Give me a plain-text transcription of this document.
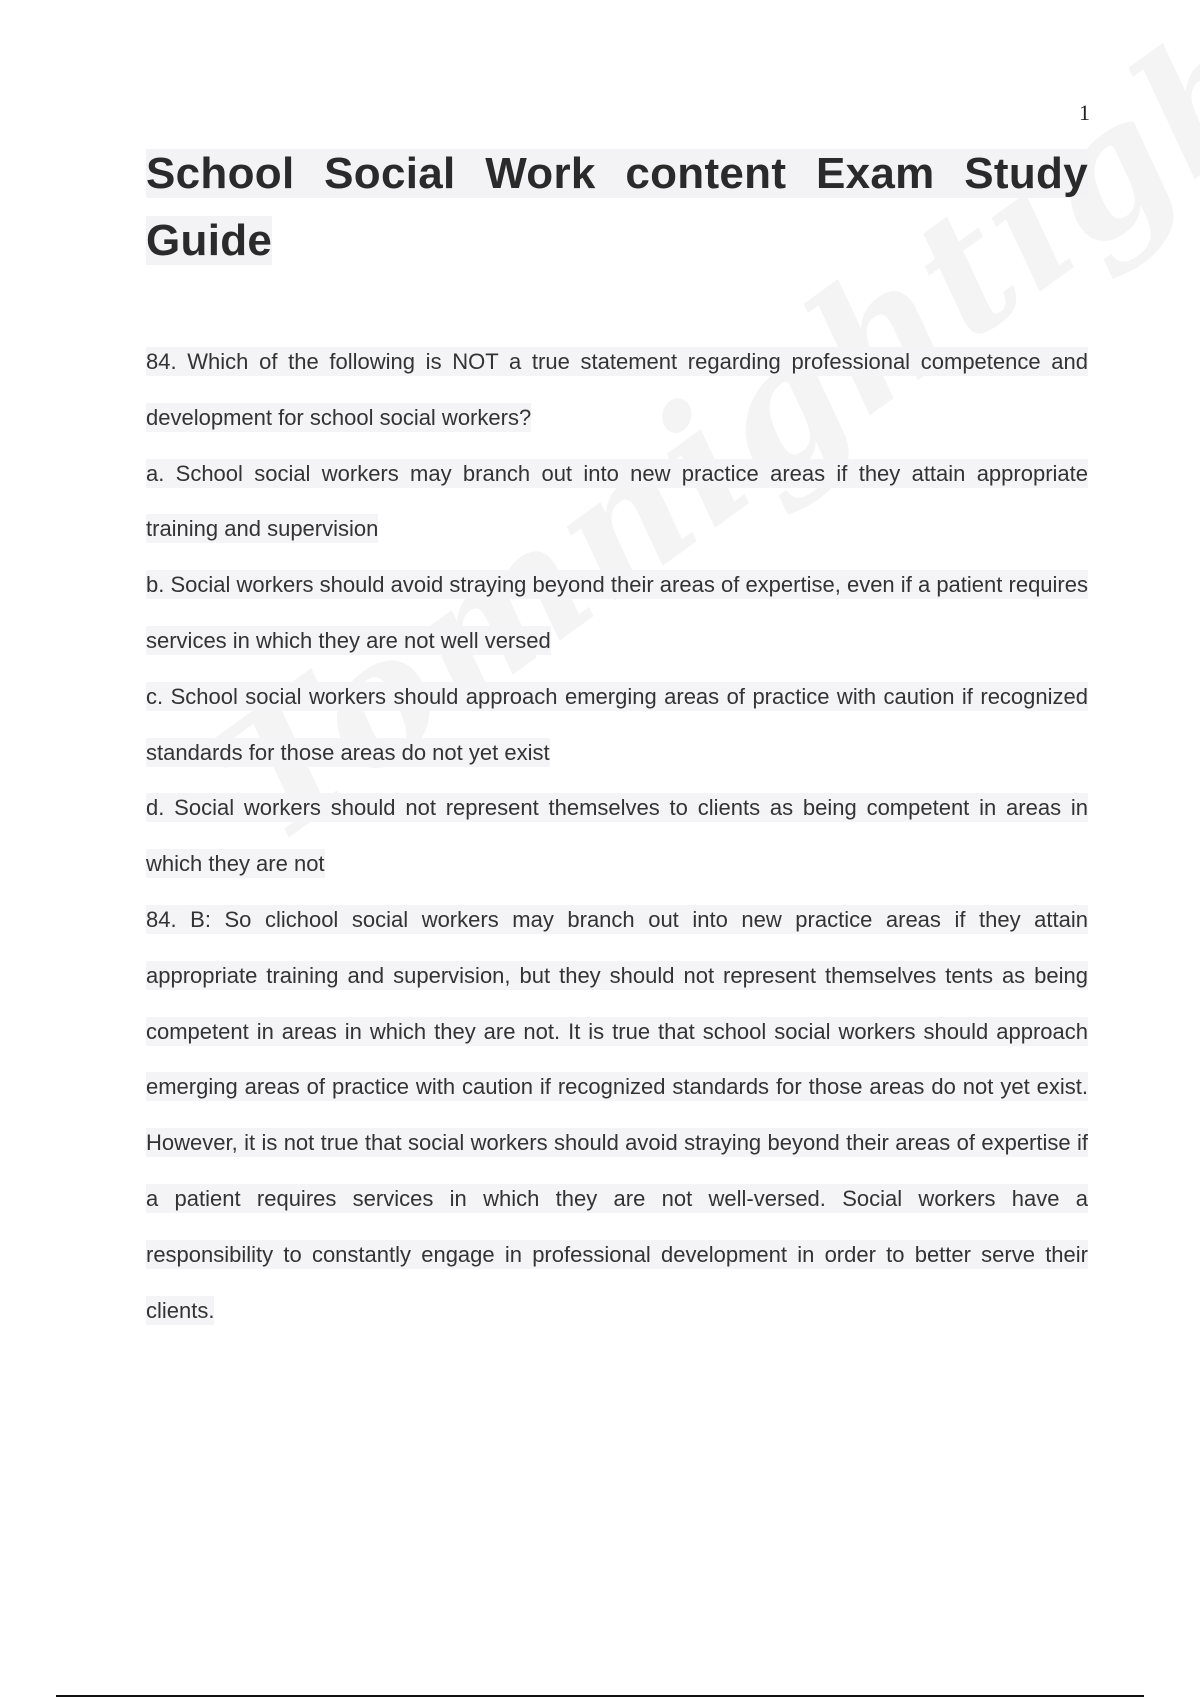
1
School Social Work content Exam Study Guide

84. Which of the following is NOT a true statement regarding professional competence and development for school social workers?

a. School social workers may branch out into new practice areas if they attain appropriate training and supervision

b. Social workers should avoid straying beyond their areas of expertise, even if a patient requires services in which they are not well versed

c. School social workers should approach emerging areas of practice with caution if recognized standards for those areas do not yet exist

d. Social workers should not represent themselves to clients as being competent in areas in which they are not

84. B: So clichool social workers may branch out into new practice areas if they attain appropriate training and supervision, but they should not represent themselves tents as being competent in areas in which they are not. It is true that school social workers should approach emerging areas of practice with caution if recognized standards for those areas do not yet exist. However, it is not true that social workers should avoid straying beyond their areas of expertise if a patient requires services in which they are not well-versed. Social workers have a responsibility to constantly engage in professional development in order to better serve their clients.
